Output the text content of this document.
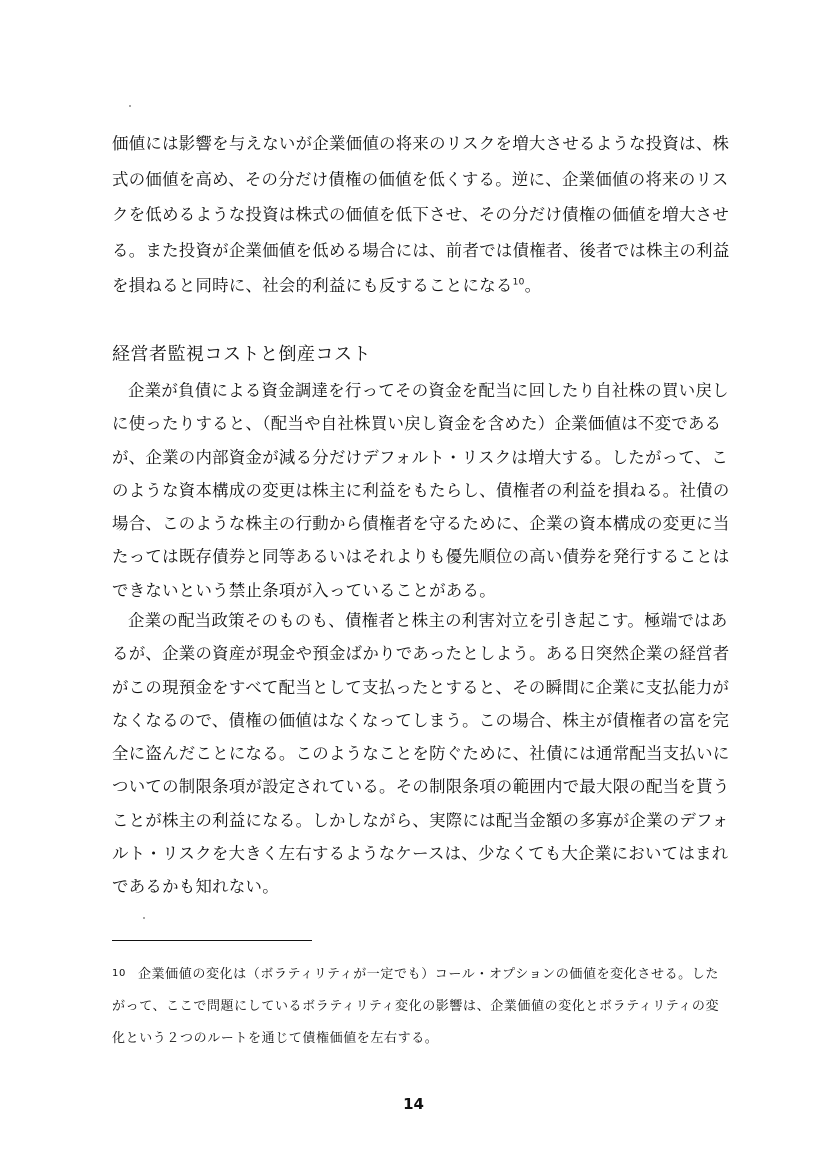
価値には影響を与えないが企業価値の将来のリスクを増大させるような投資は、株式の価値を高め、その分だけ債権の価値を低くする。逆に、企業価値の将来のリスクを低めるような投資は株式の価値を低下させ、その分だけ債権の価値を増大させる。また投資が企業価値を低める場合には、前者では債権者、後者では株主の利益を損ねると同時に、社会的利益にも反することになる$^{10}$。

経営者監視コストと倒産コスト

企業が負債による資金調達を行ってその資金を配当に回したり自社株の買い戻しに使ったりすると、（配当や自社株買い戻し資金を含めた）企業価値は不変であるが、企業の内部資金が減る分だけデフォルト・リスクは増大する。したがって、このような資本構成の変更は株主に利益をもたらし、債権者の利益を損ねる。社債の場合、このような株主の行動から債権者を守るために、企業の資本構成の変更に当たっては既存債券と同等あるいはそれよりも優先順位の高い債券を発行することはできないという禁止条項が入っていることがある。

企業の配当政策そのものも、債権者と株主の利害対立を引き起こす。極端ではあるが、企業の資産が現金や預金ばかりであったとしよう。ある日突然企業の経営者がこの現預金をすべて配当として支払ったとすると、その瞬間に企業に支払能力がなくなるので、債権の価値はなくなってしまう。この場合、株主が債権者の富を完全に盗んだことになる。このようなことを防ぐために、社債には通常配当支払いについての制限条項が設定されている。その制限条項の範囲内で最大限の配当を貰うことが株主の利益になる。しかしながら、実際には配当金額の多寡が企業のデフォルト・リスクを大きく左右するようなケースは、少なくても大企業においてはまれであるかも知れない。

10 企業価値の変化は（ボラティリティが一定でも）コール・オプションの価値を変化させる。したがって、ここで問題にしているボラティリティ変化の影響は、企業価値の変化とボラティリティの変化という２つのルートを通じて債権価値を左右する。

14
